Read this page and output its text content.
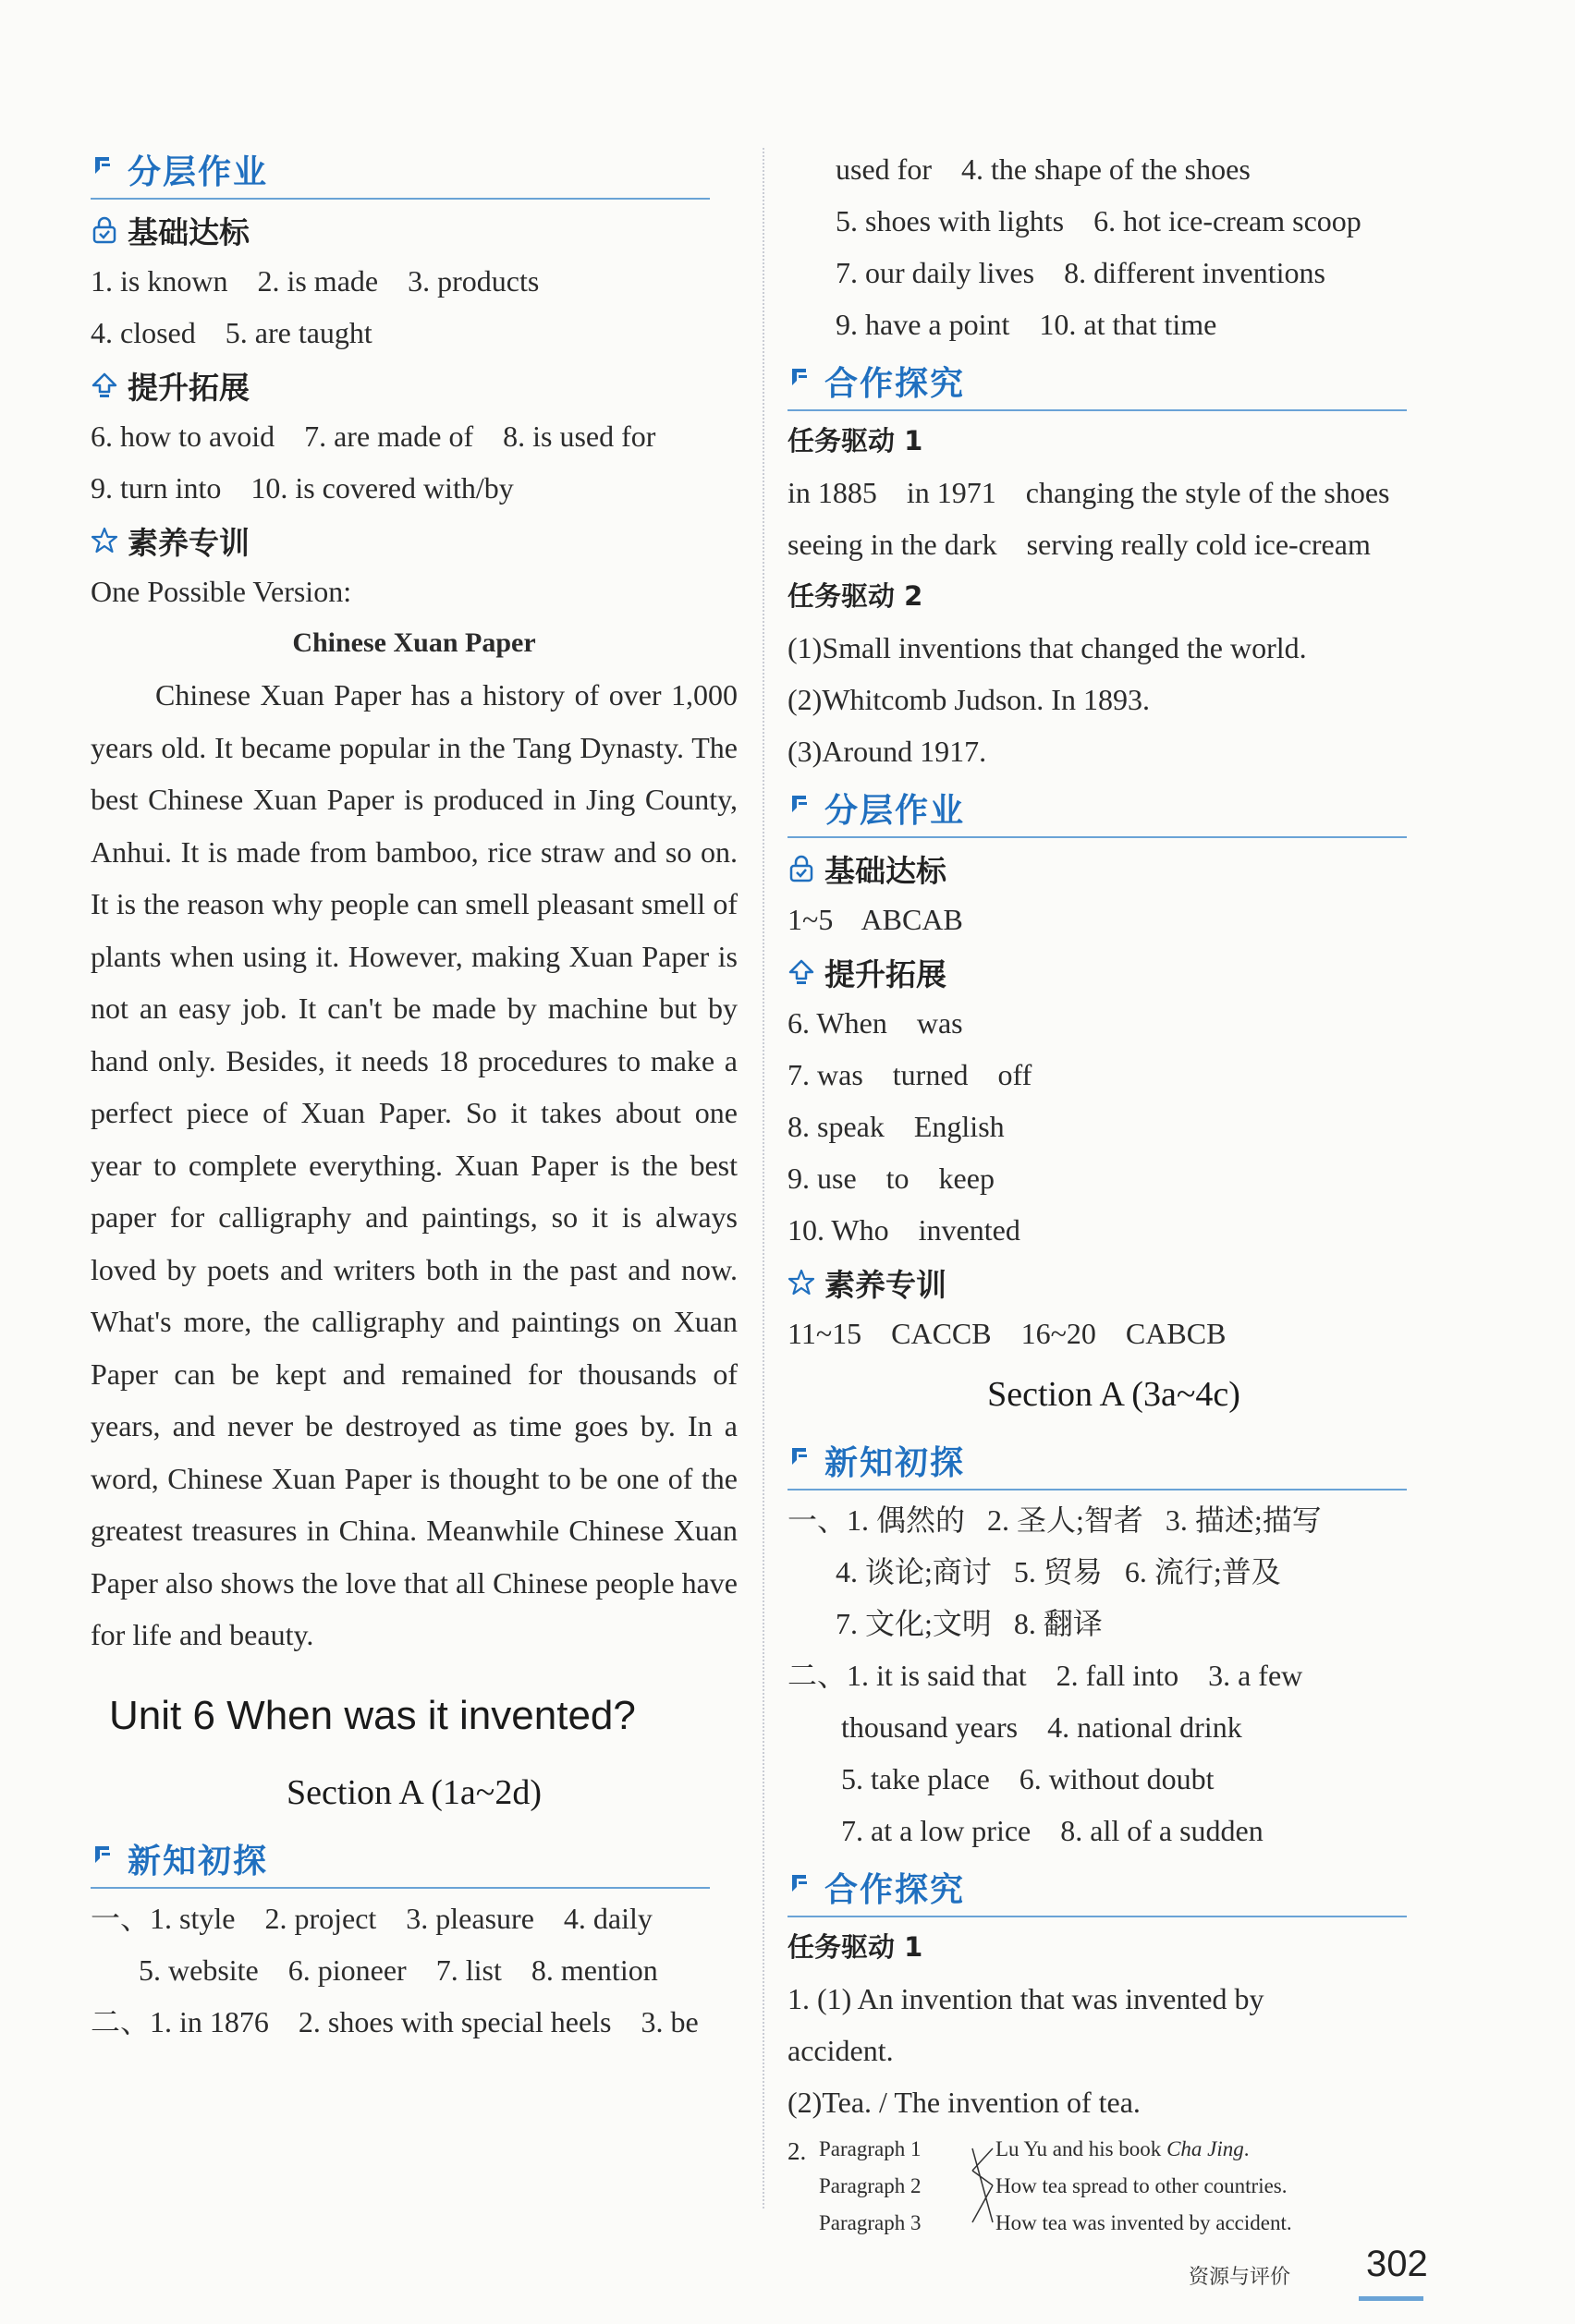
分层作业
基础达标
1. is known    2. is made    3. products
4. closed    5. are taught
提升拓展
6. how to avoid    7. are made of    8. is used for
9. turn into    10. is covered with/by
素养专训
One Possible Version:
Chinese Xuan Paper

Chinese Xuan Paper has a history of over 1,000 years old. It became popular in the Tang Dynasty. The best Chinese Xuan Paper is produced in Jing County, Anhui. It is made from bamboo, rice straw and so on. It is the reason why people can smell pleasant smell of plants when using it. However, making Xuan Paper is not an easy job. It can't be made by machine but by hand only. Besides, it needs 18 procedures to make a perfect piece of Xuan Paper. So it takes about one year to complete everything. Xuan Paper is the best paper for calligraphy and paintings, so it is always loved by poets and writers both in the past and now. What's more, the calligraphy and paintings on Xuan Paper can be kept and remained for thousands of years, and never be destroyed as time goes by. In a word, Chinese Xuan Paper is thought to be one of the greatest treasures in China. Meanwhile Chinese Xuan Paper also shows the love that all Chinese people have for life and beauty.

Unit 6 When was it invented?
Section A (1a~2d)
新知初探
一、1. style    2. project    3. pleasure    4. daily
5. website    6. pioneer    7. list    8. mention
二、1. in 1876    2. shoes with special heels    3. be
used for    4. the shape of the shoes
5. shoes with lights    6. hot ice-cream scoop
7. our daily lives    8. different inventions
9. have a point    10. at that time
合作探究
任务驱动 1
in 1885    in 1971    changing the style of the shoes
seeing in the dark    serving really cold ice-cream
任务驱动 2
(1)Small inventions that changed the world.
(2)Whitcomb Judson. In 1893.
(3)Around 1917.
分层作业
基础达标
1~5    ABCAB
提升拓展
6. When    was
7. was    turned    off
8. speak    English
9. use    to    keep
10. Who    invented
素养专训
11~15    CACCB    16~20    CABCB
Section A (3a~4c)
新知初探
一、1. 偶然的   2. 圣人;智者   3. 描述;描写
4. 谈论;商讨   5. 贸易   6. 流行;普及
7. 文化;文明   8. 翻译
二、1. it is said that    2. fall into    3. a few
thousand years    4. national drink
5. take place    6. without doubt
7. at a low price    8. all of a sudden
合作探究
任务驱动 1
1. (1) An invention that was invented by
accident.
(2)Tea. / The invention of tea.
2. Paragraph 1
Paragraph 2
Paragraph 3
Lu Yu and his book Cha Jing.
How tea spread to other countries.
How tea was invented by accident.
资源与评价 302
